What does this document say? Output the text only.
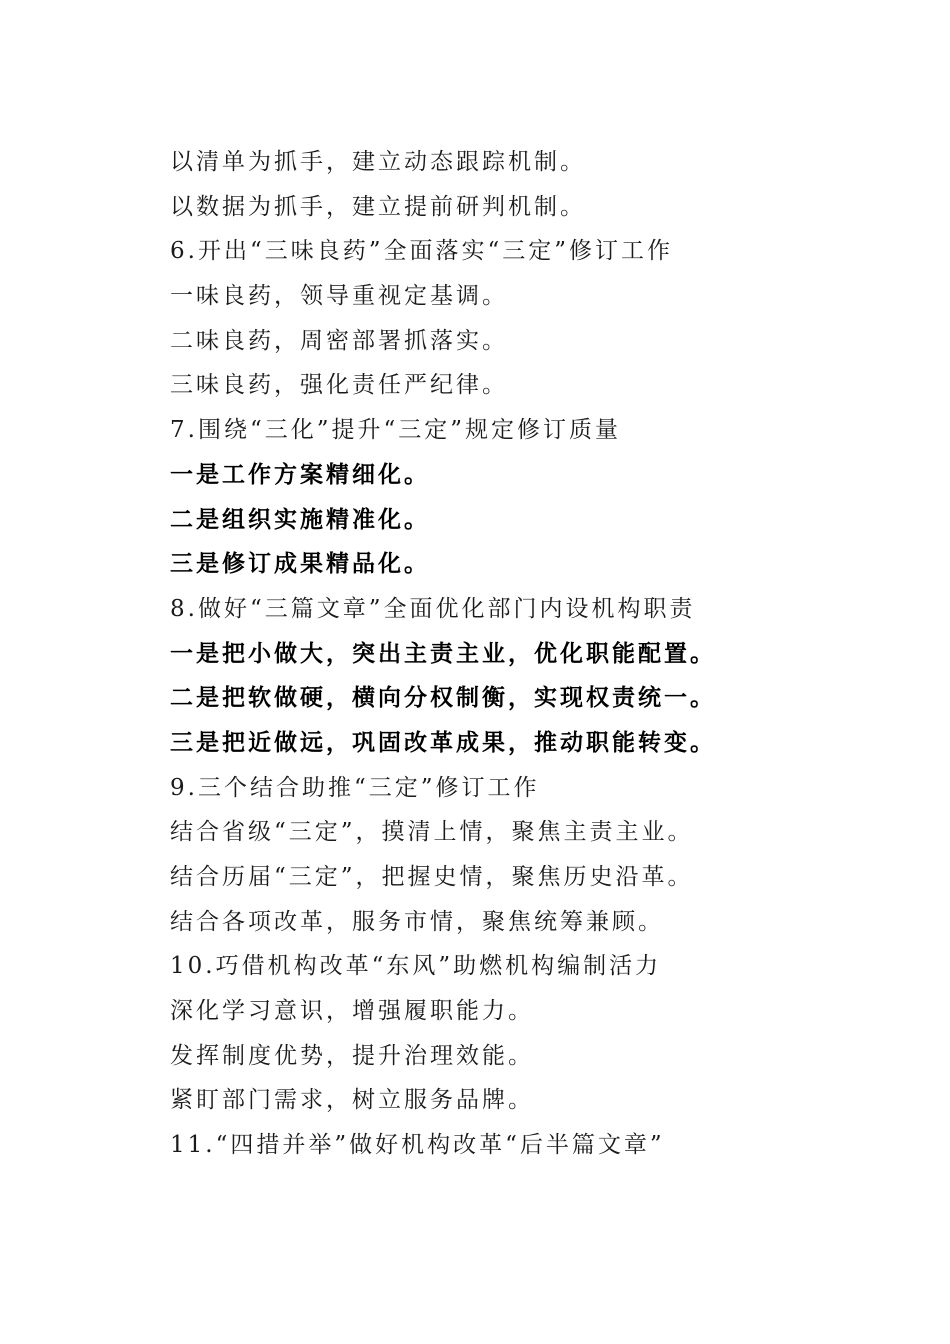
以清单为抓手，建立动态跟踪机制。
以数据为抓手，建立提前研判机制。
6.开出“三味良药”全面落实“三定”修订工作
一味良药，领导重视定基调。
二味良药，周密部署抓落实。
三味良药，强化责任严纪律。
7.围绕“三化”提升“三定”规定修订质量
一是工作方案精细化。
二是组织实施精准化。
三是修订成果精品化。
8.做好“三篇文章”全面优化部门内设机构职责
一是把小做大，突出主责主业，优化职能配置。
二是把软做硬，横向分权制衡，实现权责统一。
三是把近做远，巩固改革成果，推动职能转变。
9.三个结合助推“三定”修订工作
结合省级“三定”，摸清上情，聚焦主责主业。
结合历届“三定”，把握史情，聚焦历史沿革。
结合各项改革，服务市情，聚焦统筹兼顾。
10.巧借机构改革“东风”助燃机构编制活力
深化学习意识，增强履职能力。
发挥制度优势，提升治理效能。
紧盯部门需求，树立服务品牌。
11.“四措并举”做好机构改革“后半篇文章”
